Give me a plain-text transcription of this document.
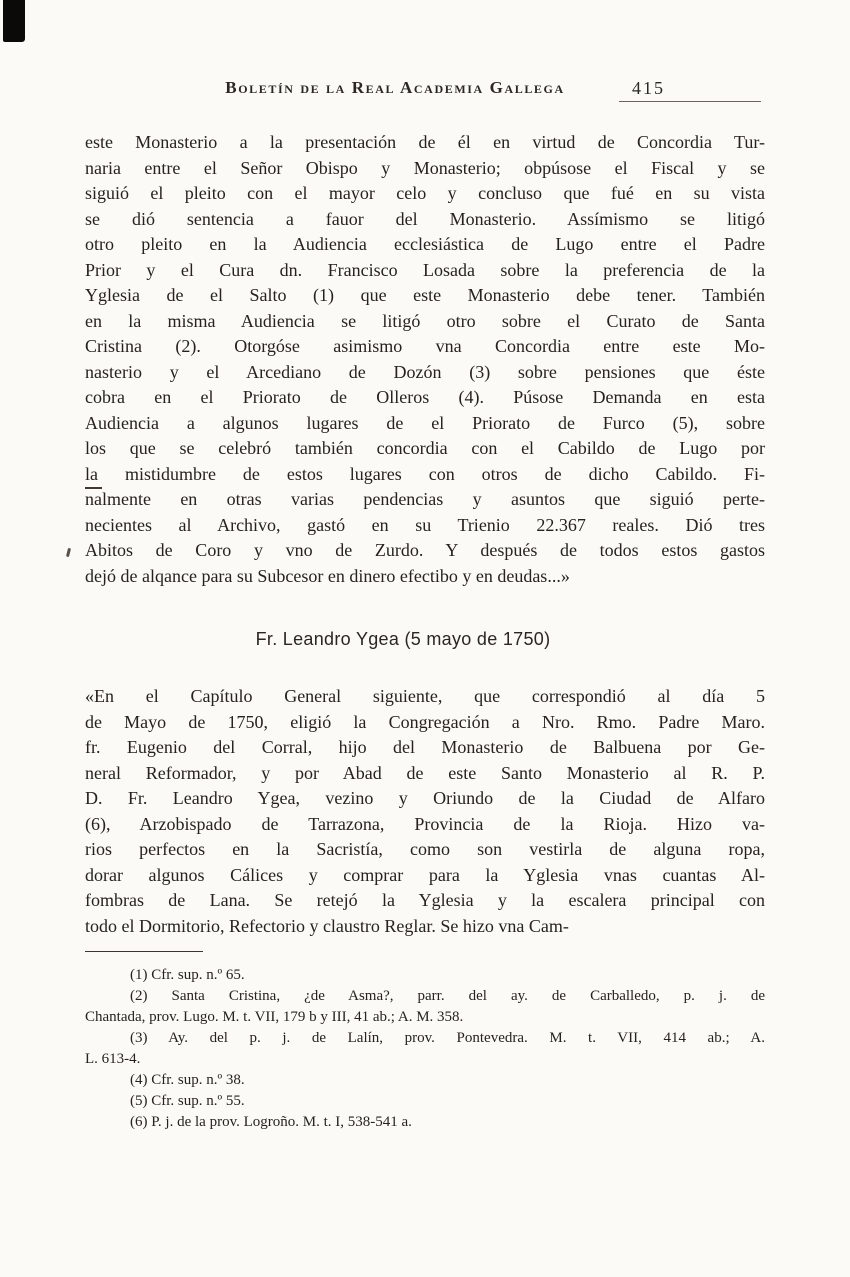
Boletín de la Real Academia Gallega	415
este Monasterio a la presentación de él en virtud de Concordia Tur-
naria entre el Señor Obispo y Monasterio; obpúsose el Fiscal y se
siguió el pleito con el mayor celo y concluso que fué en su vista
se dió sentencia a fauor del Monasterio. Assímismo se litigó
otro pleito en la Audiencia ecclesiástica de Lugo entre el Padre
Prior y el Cura dn. Francisco Losada sobre la preferencia de la
Yglesia de el Salto (1) que este Monasterio debe tener. También
en la misma Audiencia se litigó otro sobre el Curato de Santa
Cristina (2). Otorgóse asimismo vna Concordia entre este Mo-
nasterio y el Arcediano de Dozón (3) sobre pensiones que éste
cobra en el Priorato de Olleros (4). Púsose Demanda en esta
Audiencia a algunos lugares de el Priorato de Furco (5), sobre
los que se celebró también concordia con el Cabildo de Lugo por
la mistidumbre de estos lugares con otros de dicho Cabildo. Fi-
nalmente en otras varias pendencias y asuntos que siguió perte-
necientes al Archivo, gastó en su Trienio 22.367 reales. Dió tres
Abitos de Coro y vno de Zurdo. Y después de todos estos gastos
dejó de alqance para su Subcesor en dinero efectibo y en deudas...»
Fr. Leandro Ygea (5 mayo de 1750)
«En el Capítulo General siguiente, que correspondió al día 5
de Mayo de 1750, eligió la Congregación a Nro. Rmo. Padre Maro.
fr. Eugenio del Corral, hijo del Monasterio de Balbuena por Ge-
neral Reformador, y por Abad de este Santo Monasterio al R. P.
D. Fr. Leandro Ygea, vezino y Oriundo de la Ciudad de Alfaro
(6), Arzobispado de Tarrazona, Provincia de la Rioja. Hizo va-
rios perfectos en la Sacristía, como son vestirla de alguna ropa,
dorar algunos Cálices y comprar para la Yglesia vnas cuantas Al-
fombras de Lana. Se retejó la Yglesia y la escalera principal con
todo el Dormitorio, Refectorio y claustro Reglar. Se hizo vna Cam-
(1) Cfr. sup. n.º 65.
(2) Santa Cristina, ¿de Asma?, parr. del ay. de Carballedo, p. j. de
Chantada, prov. Lugo. M. t. VII, 179 b y III, 41 ab.; A. M. 358.
(3) Ay. del p. j. de Lalín, prov. Pontevedra. M. t. VII, 414 ab.; A.
L. 613-4.
(4) Cfr. sup. n.º 38.
(5) Cfr. sup. n.º 55.
(6) P. j. de la prov. Logroño. M. t. I, 538-541 a.
